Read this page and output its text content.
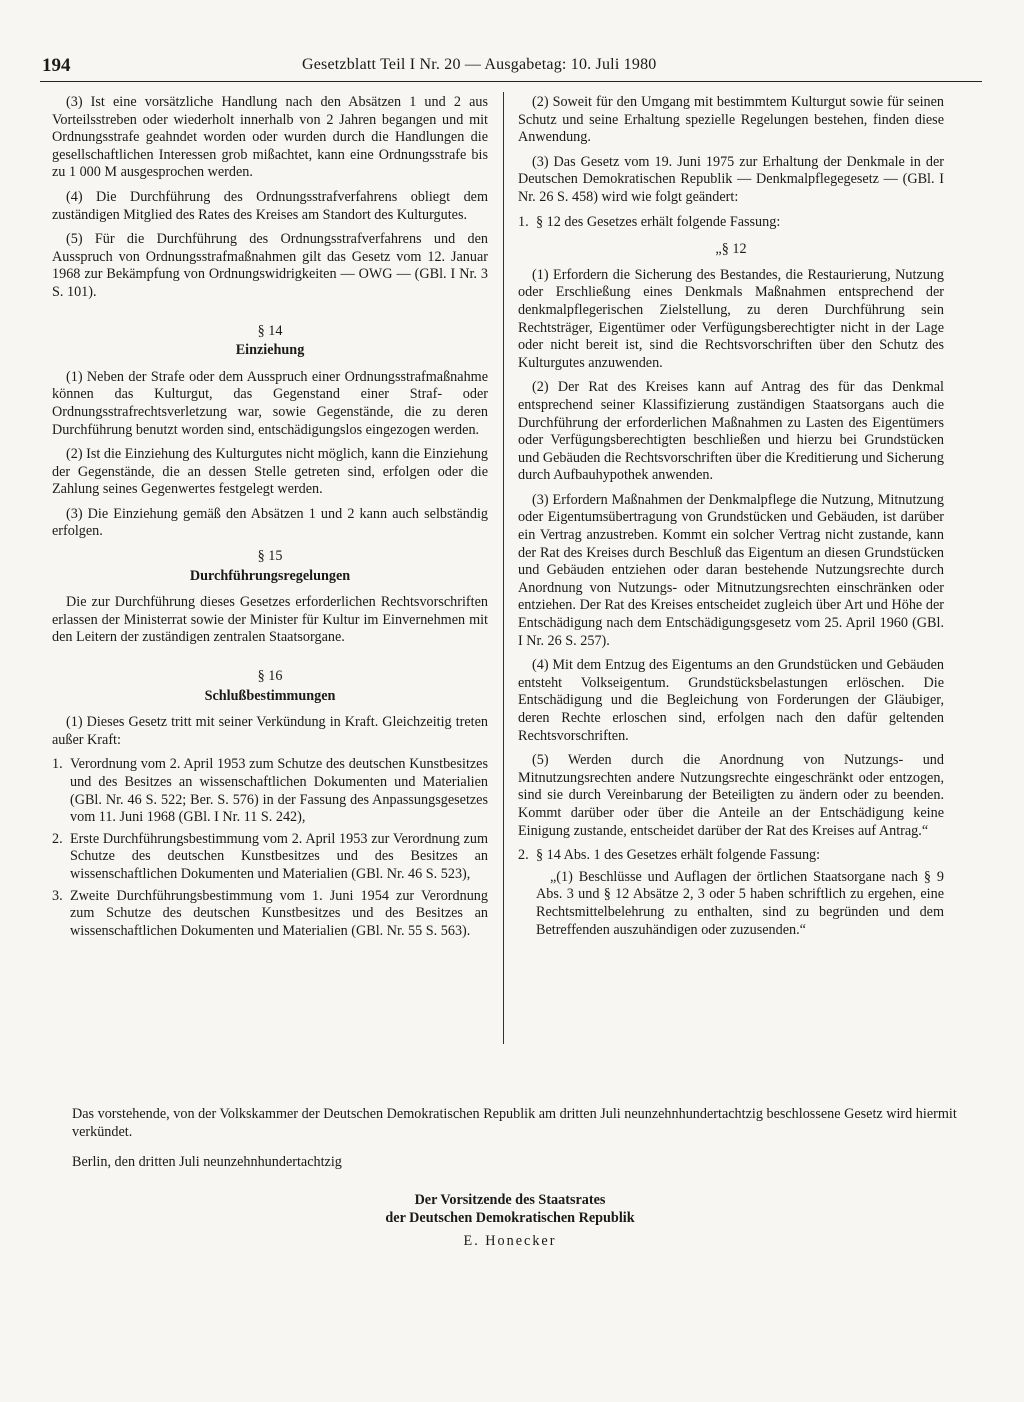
194	Gesetzblatt Teil I Nr. 20 — Ausgabetag: 10. Juli 1980

(3) Ist eine vorsätzliche Handlung nach den Absätzen 1 und 2 aus Vorteilsstreben oder wiederholt innerhalb von 2 Jahren begangen und mit Ordnungsstrafe geahndet worden oder wurden durch die Handlungen die gesellschaftlichen Interessen grob mißachtet, kann eine Ordnungsstrafe bis zu 1 000 M ausgesprochen werden.

(4) Die Durchführung des Ordnungsstrafverfahrens obliegt dem zuständigen Mitglied des Rates des Kreises am Standort des Kulturgutes.

(5) Für die Durchführung des Ordnungsstrafverfahrens und den Ausspruch von Ordnungsstrafmaßnahmen gilt das Gesetz vom 12. Januar 1968 zur Bekämpfung von Ordnungswidrigkeiten — OWG — (GBl. I Nr. 3 S. 101).

§ 14

Einziehung

(1) Neben der Strafe oder dem Ausspruch einer Ordnungsstrafmaßnahme können das Kulturgut, das Gegenstand einer Straf- oder Ordnungsstrafrechtsverletzung war, sowie Gegenstände, die zu deren Durchführung benutzt worden sind, entschädigungslos eingezogen werden.

(2) Ist die Einziehung des Kulturgutes nicht möglich, kann die Einziehung der Gegenstände, die an dessen Stelle getreten sind, erfolgen oder die Zahlung seines Gegenwertes festgelegt werden.

(3) Die Einziehung gemäß den Absätzen 1 und 2 kann auch selbständig erfolgen.

§ 15

Durchführungsregelungen

Die zur Durchführung dieses Gesetzes erforderlichen Rechtsvorschriften erlassen der Ministerrat sowie der Minister für Kultur im Einvernehmen mit den Leitern der zuständigen zentralen Staatsorgane.

§ 16

Schlußbestimmungen

(1) Dieses Gesetz tritt mit seiner Verkündung in Kraft. Gleichzeitig treten außer Kraft:

1. Verordnung vom 2. April 1953 zum Schutze des deutschen Kunstbesitzes und des Besitzes an wissenschaftlichen Dokumenten und Materialien (GBl. Nr. 46 S. 522; Ber. S. 576) in der Fassung des Anpassungsgesetzes vom 11. Juni 1968 (GBl. I Nr. 11 S. 242),
2. Erste Durchführungsbestimmung vom 2. April 1953 zur Verordnung zum Schutze des deutschen Kunstbesitzes und des Besitzes an wissenschaftlichen Dokumenten und Materialien (GBl. Nr. 46 S. 523),
3. Zweite Durchführungsbestimmung vom 1. Juni 1954 zur Verordnung zum Schutze des deutschen Kunstbesitzes und des Besitzes an wissenschaftlichen Dokumenten und Materialien (GBl. Nr. 55 S. 563).

(2) Soweit für den Umgang mit bestimmtem Kulturgut sowie für seinen Schutz und seine Erhaltung spezielle Regelungen bestehen, finden diese Anwendung.

(3) Das Gesetz vom 19. Juni 1975 zur Erhaltung der Denkmale in der Deutschen Demokratischen Republik — Denkmalpflegegesetz — (GBl. I Nr. 26 S. 458) wird wie folgt geändert:

1. § 12 des Gesetzes erhält folgende Fassung:

„§ 12

(1) Erfordern die Sicherung des Bestandes, die Restaurierung, Nutzung oder Erschließung eines Denkmals Maßnahmen entsprechend der denkmalpflegerischen Zielstellung, zu deren Durchführung sein Rechtsträger, Eigentümer oder Verfügungsberechtigter nicht in der Lage oder nicht bereit ist, sind die Rechtsvorschriften über den Schutz des Kulturgutes anzuwenden.

(2) Der Rat des Kreises kann auf Antrag des für das Denkmal entsprechend seiner Klassifizierung zuständigen Staatsorgans auch die Durchführung der erforderlichen Maßnahmen zu Lasten des Eigentümers oder Verfügungsberechtigten beschließen und hierzu bei Grundstücken und Gebäuden die Rechtsvorschriften über die Kreditierung und Sicherung durch Aufbauhypothek anwenden.

(3) Erfordern Maßnahmen der Denkmalpflege die Nutzung, Mitnutzung oder Eigentumsübertragung von Grundstücken und Gebäuden, ist darüber ein Vertrag anzustreben. Kommt ein solcher Vertrag nicht zustande, kann der Rat des Kreises durch Beschluß das Eigentum an diesen Grundstücken und Gebäuden entziehen oder daran bestehende Nutzungsrechte durch Anordnung von Nutzungs- oder Mitnutzungsrechten einschränken oder entziehen. Der Rat des Kreises entscheidet zugleich über Art und Höhe der Entschädigung nach dem Entschädigungsgesetz vom 25. April 1960 (GBl. I Nr. 26 S. 257).

(4) Mit dem Entzug des Eigentums an den Grundstücken und Gebäuden entsteht Volkseigentum. Grundstücksbelastungen erlöschen. Die Entschädigung und die Begleichung von Forderungen der Gläubiger, deren Rechte erloschen sind, erfolgen nach den dafür geltenden Rechtsvorschriften.

(5) Werden durch die Anordnung von Nutzungs- und Mitnutzungsrechten andere Nutzungsrechte eingeschränkt oder entzogen, sind sie durch Vereinbarung der Beteiligten zu ändern oder zu beenden. Kommt darüber oder über die Anteile an der Entschädigung keine Einigung zustande, entscheidet darüber der Rat des Kreises auf Antrag.“

2. § 14 Abs. 1 des Gesetzes erhält folgende Fassung:

„(1) Beschlüsse und Auflagen der örtlichen Staatsorgane nach § 9 Abs. 3 und § 12 Absätze 2, 3 oder 5 haben schriftlich zu ergehen, eine Rechtsmittelbelehrung zu enthalten, sind zu begründen und dem Betreffenden auszuhändigen oder zuzusenden.“

Das vorstehende, von der Volkskammer der Deutschen Demokratischen Republik am dritten Juli neunzehnhundertachtzig beschlossene Gesetz wird hiermit verkündet.
Berlin, den dritten Juli neunzehnhundertachtzig
Der Vorsitzende des Staatsrates
der Deutschen Demokratischen Republik
E. Honecker
